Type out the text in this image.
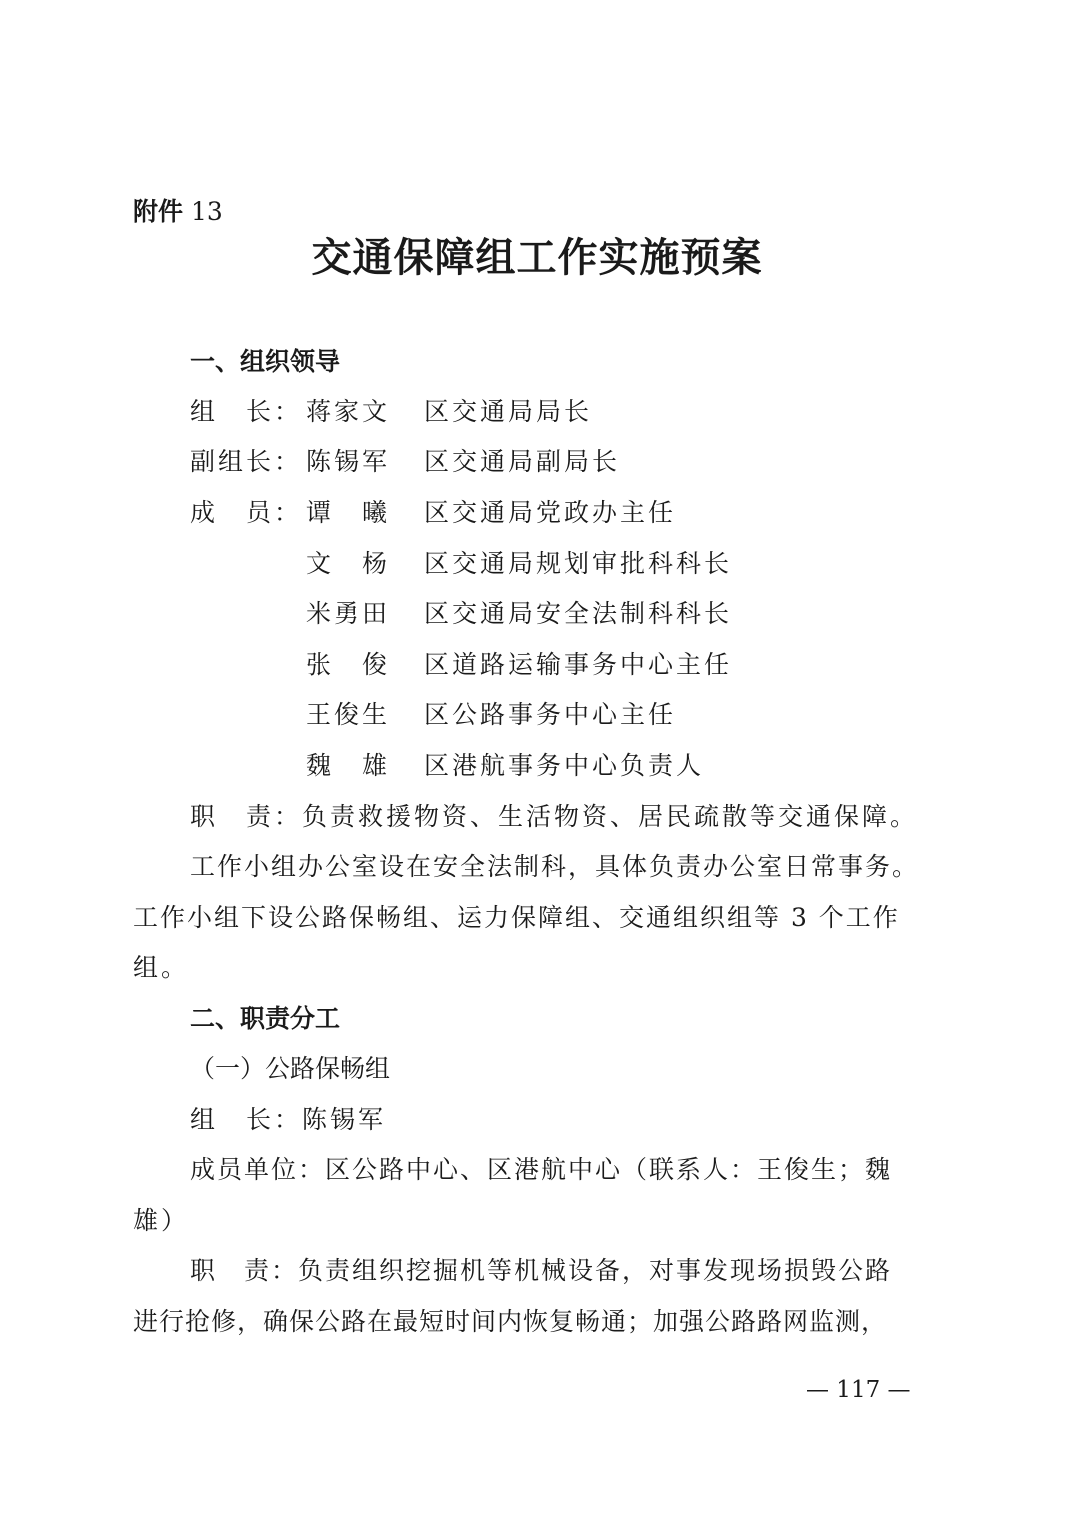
附件 13
交通保障组工作实施预案
一、组织领导
组　长： 蒋家文 区交通局局长
副组长： 陈锡军 区交通局副局长
成　员： 谭　曦 区交通局党政办主任
文　杨 区交通局规划审批科科长
米勇田 区交通局安全法制科科长
张　俊 区道路运输事务中心主任
王俊生 区公路事务中心主任
魏　雄 区港航事务中心负责人
职　责：负责救援物资、生活物资、居民疏散等交通保障。
工作小组办公室设在安全法制科，具体负责办公室日常事务。
工作小组下设公路保畅组、运力保障组、交通组织组等 3 个工作
组。
二、职责分工
（一）公路保畅组
组　长：陈锡军
成员单位：区公路中心、区港航中心（联系人：王俊生；魏
雄）
职　责：负责组织挖掘机等机械设备，对事发现场损毁公路
进行抢修，确保公路在最短时间内恢复畅通；加强公路路网监测，
— 117 —
